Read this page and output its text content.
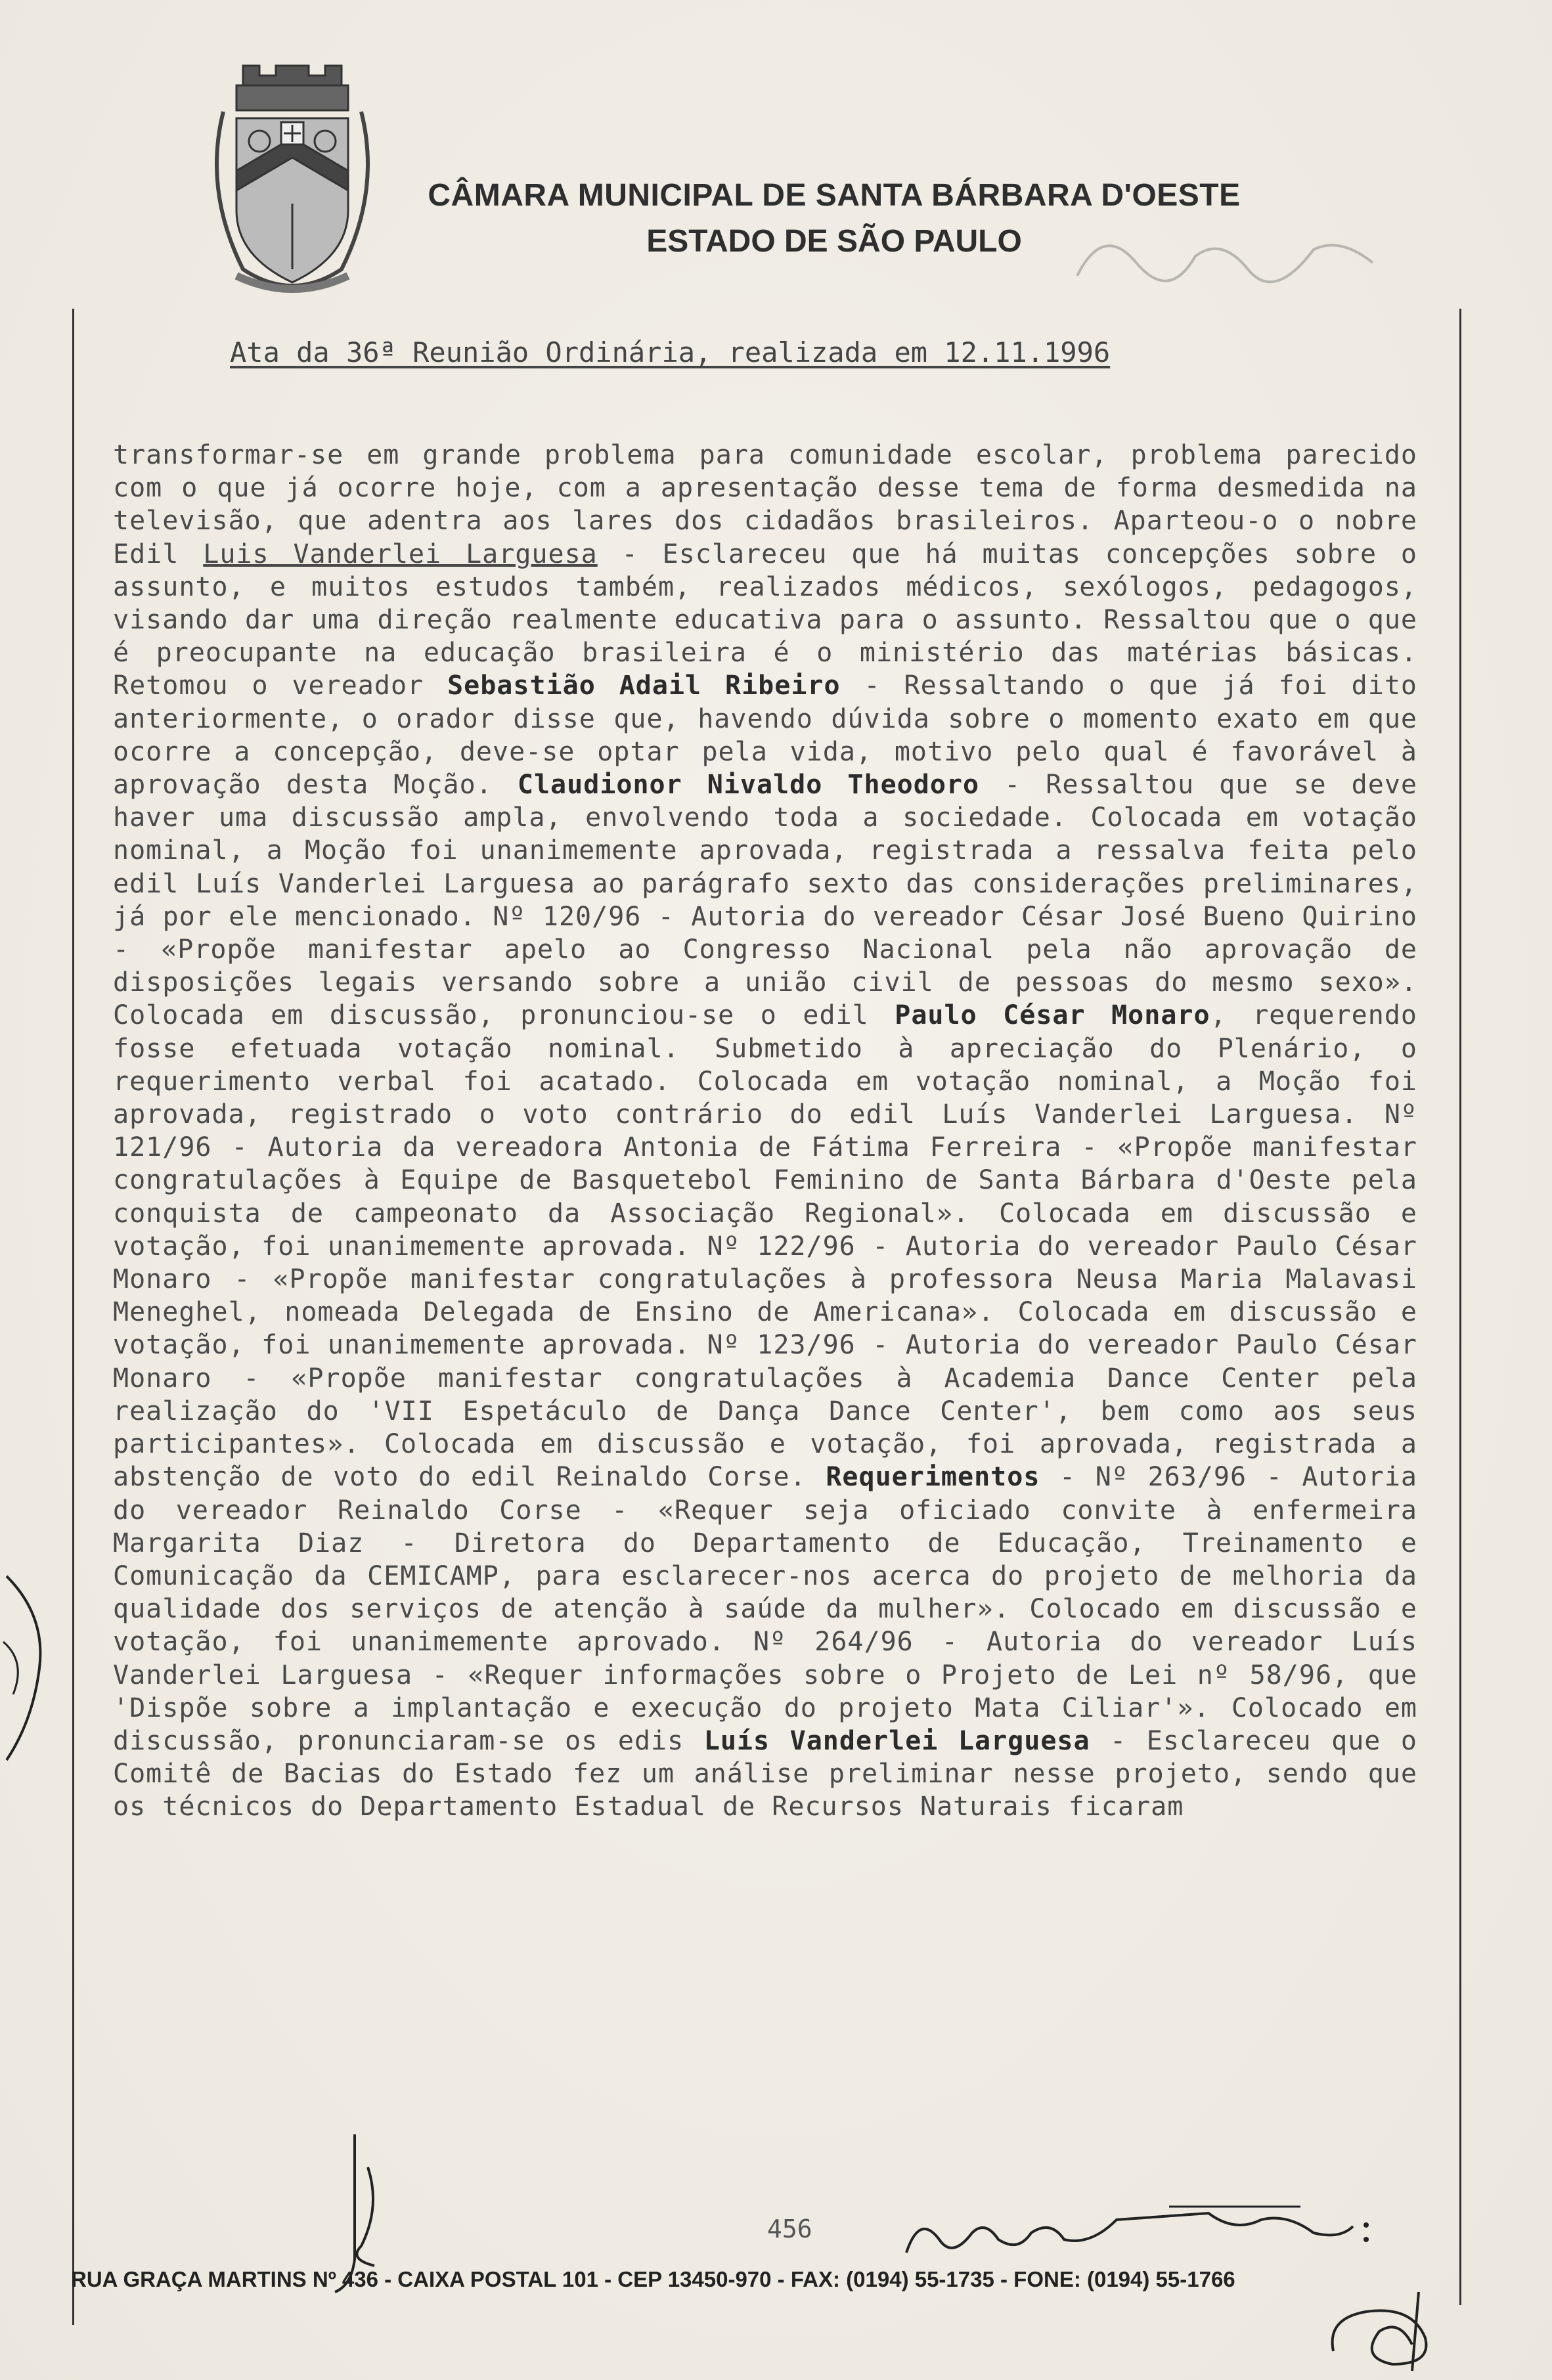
CÂMARA MUNICIPAL DE SANTA BÁRBARA D'OESTE
ESTADO DE SÃO PAULO
Ata da 36ª Reunião Ordinária, realizada em 12.11.1996

transformar-se em grande problema para comunidade escolar, problema parecido com o que já ocorre hoje, com a apresentação desse tema de forma desmedida na televisão, que adentra aos lares dos cidadãos brasileiros. Aparteou-o o nobre Edil Luis Vanderlei Larguesa - Esclareceu que há muitas concepções sobre o assunto, e muitos estudos também, realizados médicos, sexólogos, pedagogos, visando dar uma direção realmente educativa para o assunto. Ressaltou que o que é preocupante na educação brasileira é o ministério das matérias básicas. Retomou o vereador Sebastião Adail Ribeiro - Ressaltando o que já foi dito anteriormente, o orador disse que, havendo dúvida sobre o momento exato em que ocorre a concepção, deve-se optar pela vida, motivo pelo qual é favorável à aprovação desta Moção. Claudionor Nivaldo Theodoro - Ressaltou que se deve haver uma discussão ampla, envolvendo toda a sociedade. Colocada em votação nominal, a Moção foi unanimemente aprovada, registrada a ressalva feita pelo edil Luís Vanderlei Larguesa ao parágrafo sexto das considerações preliminares, já por ele mencionado. Nº 120/96 - Autoria do vereador César José Bueno Quirino - «Propõe manifestar apelo ao Congresso Nacional pela não aprovação de disposições legais versando sobre a união civil de pessoas do mesmo sexo». Colocada em discussão, pronunciou-se o edil Paulo César Monaro, requerendo fosse efetuada votação nominal. Submetido à apreciação do Plenário, o requerimento verbal foi acatado. Colocada em votação nominal, a Moção foi aprovada, registrado o voto contrário do edil Luís Vanderlei Larguesa. Nº 121/96 - Autoria da vereadora Antonia de Fátima Ferreira - «Propõe manifestar congratulações à Equipe de Basquetebol Feminino de Santa Bárbara d'Oeste pela conquista de campeonato da Associação Regional». Colocada em discussão e votação, foi unanimemente aprovada. Nº 122/96 - Autoria do vereador Paulo César Monaro - «Propõe manifestar congratulações à professora Neusa Maria Malavasi Meneghel, nomeada Delegada de Ensino de Americana». Colocada em discussão e votação, foi unanimemente aprovada. Nº 123/96 - Autoria do vereador Paulo César Monaro - «Propõe manifestar congratulações à Academia Dance Center pela realização do 'VII Espetáculo de Dança Dance Center', bem como aos seus participantes». Colocada em discussão e votação, foi aprovada, registrada a abstenção de voto do edil Reinaldo Corse. Requerimentos - Nº 263/96 - Autoria do vereador Reinaldo Corse - «Requer seja oficiado convite à enfermeira Margarita Diaz - Diretora do Departamento de Educação, Treinamento e Comunicação da CEMICAMP, para esclarecer-nos acerca do projeto de melhoria da qualidade dos serviços de atenção à saúde da mulher». Colocado em discussão e votação, foi unanimemente aprovado. Nº 264/96 - Autoria do vereador Luís Vanderlei Larguesa - «Requer informações sobre o Projeto de Lei nº 58/96, que 'Dispõe sobre a implantação e execução do projeto Mata Ciliar'». Colocado em discussão, pronunciaram-se os edis Luís Vanderlei Larguesa - Esclareceu que o Comitê de Bacias do Estado fez um análise preliminar nesse projeto, sendo que os técnicos do Departamento Estadual de Recursos Naturais ficaram

456
RUA GRAÇA MARTINS Nº 436 - CAIXA POSTAL 101 - CEP 13450-970 - FAX: (0194) 55-1735 - FONE: (0194) 55-1766
